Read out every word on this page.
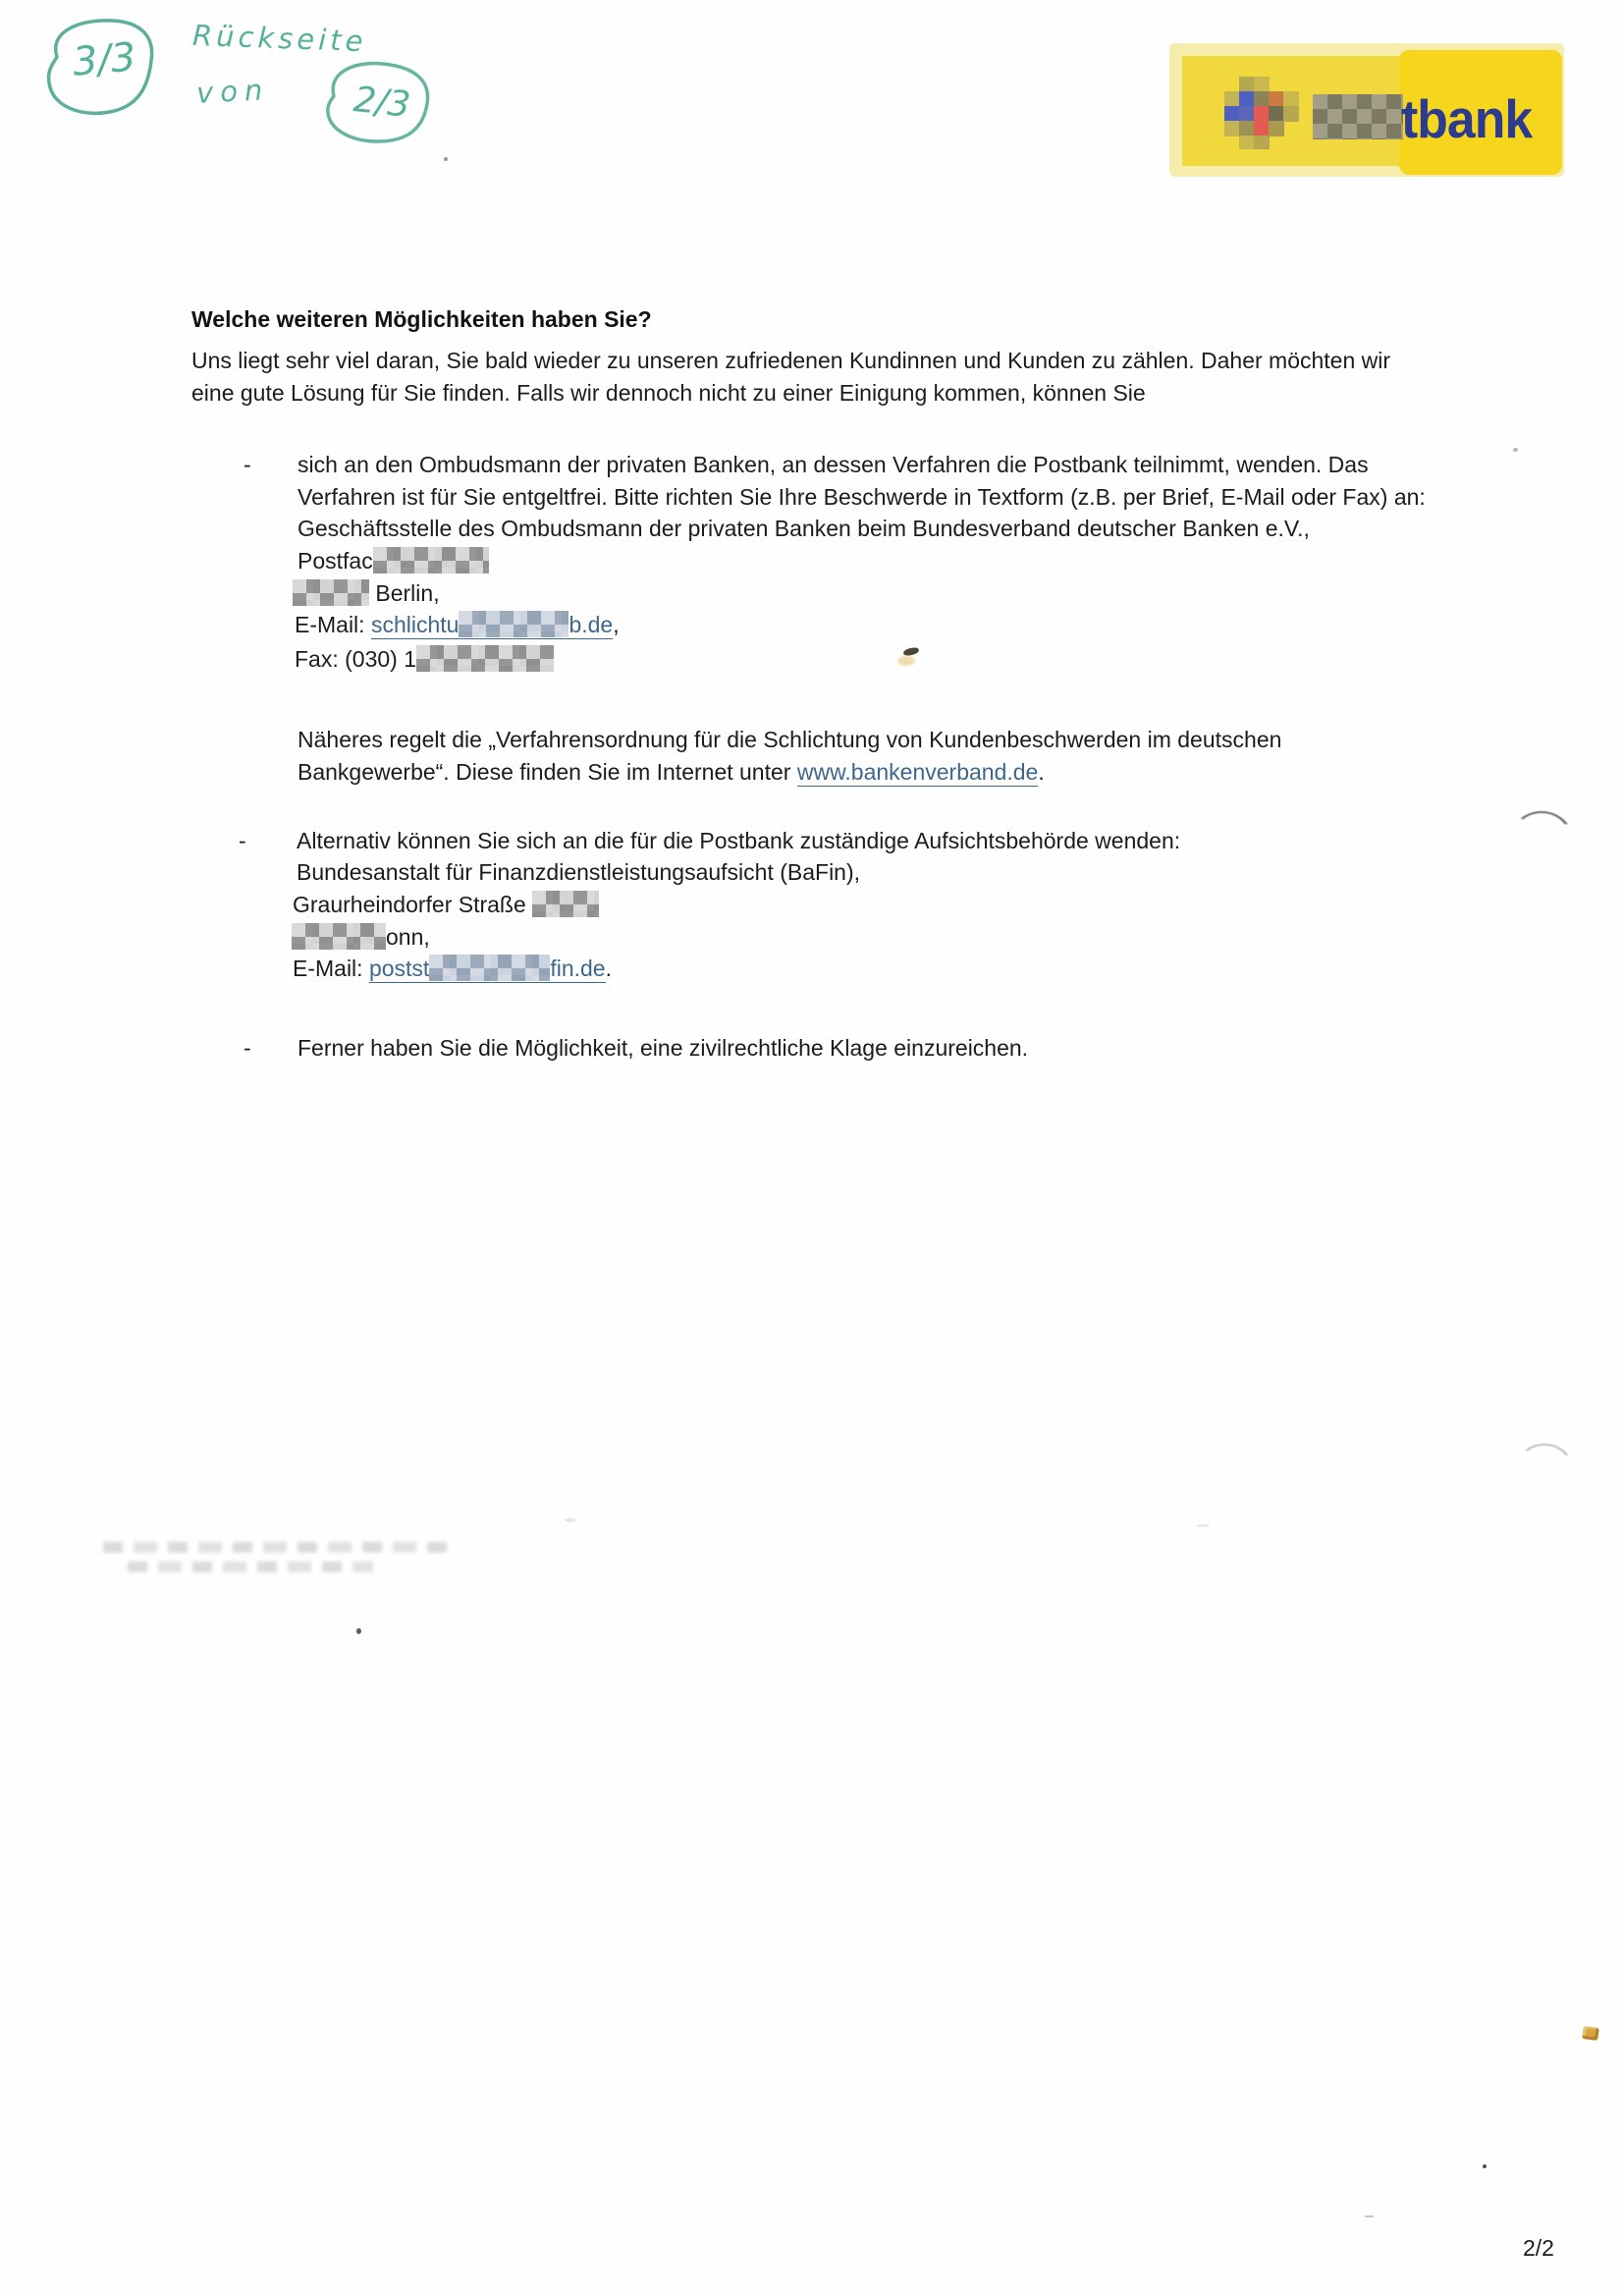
3/3 Rückseite
von 2/3	tbank
Welche weiteren Möglichkeiten haben Sie?
Uns liegt sehr viel daran, Sie bald wieder zu unseren zufriedenen Kundinnen und Kunden zu zählen. Daher möchten wir
eine gute Lösung für Sie finden. Falls wir dennoch nicht zu einer Einigung kommen, können Sie
- sich an den Ombudsmann der privaten Banken, an dessen Verfahren die Postbank teilnimmt, wenden. Das
Verfahren ist für Sie entgeltfrei. Bitte richten Sie Ihre Beschwerde in Textform (z.B. per Brief, E-Mail oder Fax) an:
Geschäftsstelle des Ombudsmann der privaten Banken beim Bundesverband deutscher Banken e.V.,
Postfac
Berlin,
E-Mail: schlichtu	b.de,
Fax: (030) 1
Näheres regelt die „Verfahrensordnung für die Schlichtung von Kundenbeschwerden im deutschen
Bankgewerbe“. Diese finden Sie im Internet unter www.bankenverband.de.
- Alternativ können Sie sich an die für die Postbank zuständige Aufsichtsbehörde wenden:
Bundesanstalt für Finanzdienstleistungsaufsicht (BaFin),
Graurheindorfer Straße
onn,
E-Mail: postst	fin.de.
- Ferner haben Sie die Möglichkeit, eine zivilrechtliche Klage einzureichen.
2/2
